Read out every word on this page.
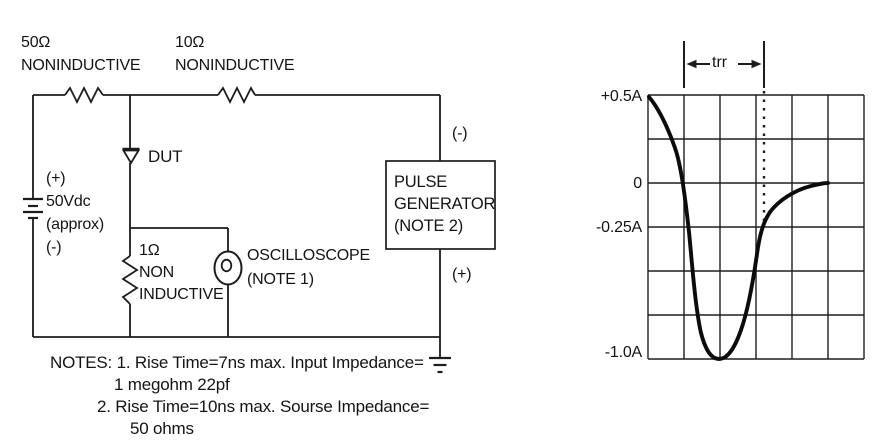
50Ω
NONINDUCTIVE
10Ω
NONINDUCTIVE
DUT
(+)
50Vdc
(approx)
(-)	1Ω
NON
INDUCTIVE
OSCILLOSCOPE
(NOTE 1)
PULSE
GENERATOR
(NOTE 2)
(-)
(+)
NOTES: 1. Rise Time=7ns max. Input Impedance=
1 megohm 22pf
2. Rise Time=10ns max. Sourse Impedance=
50 ohms
trr
+0.5A
0
-0.25A
-1.0A
